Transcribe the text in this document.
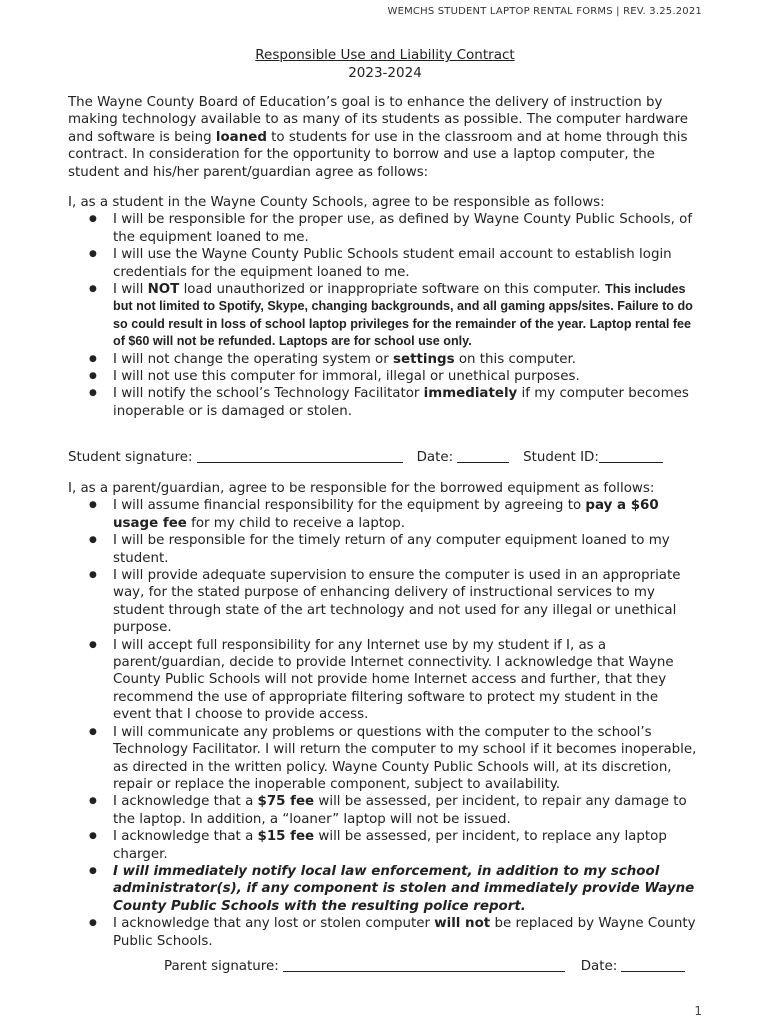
WEMCHS STUDENT LAPTOP RENTAL FORMS | REV. 3.25.2021
Responsible Use and Liability Contract
2023-2024

The Wayne County Board of Education’s goal is to enhance the delivery of instruction by making technology available to as many of its students as possible. The computer hardware and software is being loaned to students for use in the classroom and at home through this contract. In consideration for the opportunity to borrow and use a laptop computer, the student and his/her parent/guardian agree as follows:

I, as a student in the Wayne County Schools, agree to be responsible as follows:

● I will be responsible for the proper use, as defined by Wayne County Public Schools, of the equipment loaned to me.
● I will use the Wayne County Public Schools student email account to establish login credentials for the equipment loaned to me.
● I will NOT load unauthorized or inappropriate software on this computer. This includes but not limited to Spotify, Skype, changing backgrounds, and all gaming apps/sites. Failure to do so could result in loss of school laptop privileges for the remainder of the year. Laptop rental fee of $60 will not be refunded. Laptops are for school use only.
● I will not change the operating system or settings on this computer.
● I will not use this computer for immoral, illegal or unethical purposes.
● I will notify the school’s Technology Facilitator immediately if my computer becomes inoperable or is damaged or stolen.
Student signature:	Date:	Student ID:

I, as a parent/guardian, agree to be responsible for the borrowed equipment as follows:

● I will assume financial responsibility for the equipment by agreeing to pay a $60 usage fee for my child to receive a laptop.
● I will be responsible for the timely return of any computer equipment loaned to my student.
● I will provide adequate supervision to ensure the computer is used in an appropriate way, for the stated purpose of enhancing delivery of instructional services to my student through state of the art technology and not used for any illegal or unethical purpose.
● I will accept full responsibility for any Internet use by my student if I, as a parent/guardian, decide to provide Internet connectivity. I acknowledge that Wayne County Public Schools will not provide home Internet access and further, that they recommend the use of appropriate filtering software to protect my student in the event that I choose to provide access.
● I will communicate any problems or questions with the computer to the school’s Technology Facilitator. I will return the computer to my school if it becomes inoperable, as directed in the written policy. Wayne County Public Schools will, at its discretion, repair or replace the inoperable component, subject to availability.
● I acknowledge that a $75 fee will be assessed, per incident, to repair any damage to the laptop. In addition, a “loaner” laptop will not be issued.
● I acknowledge that a $15 fee will be assessed, per incident, to replace any laptop charger.
● I will immediately notify local law enforcement, in addition to my school administrator(s), if any component is stolen and immediately provide Wayne County Public Schools with the resulting police report.
● I acknowledge that any lost or stolen computer will not be replaced by Wayne County Public Schools.
Parent signature:	Date:
1
